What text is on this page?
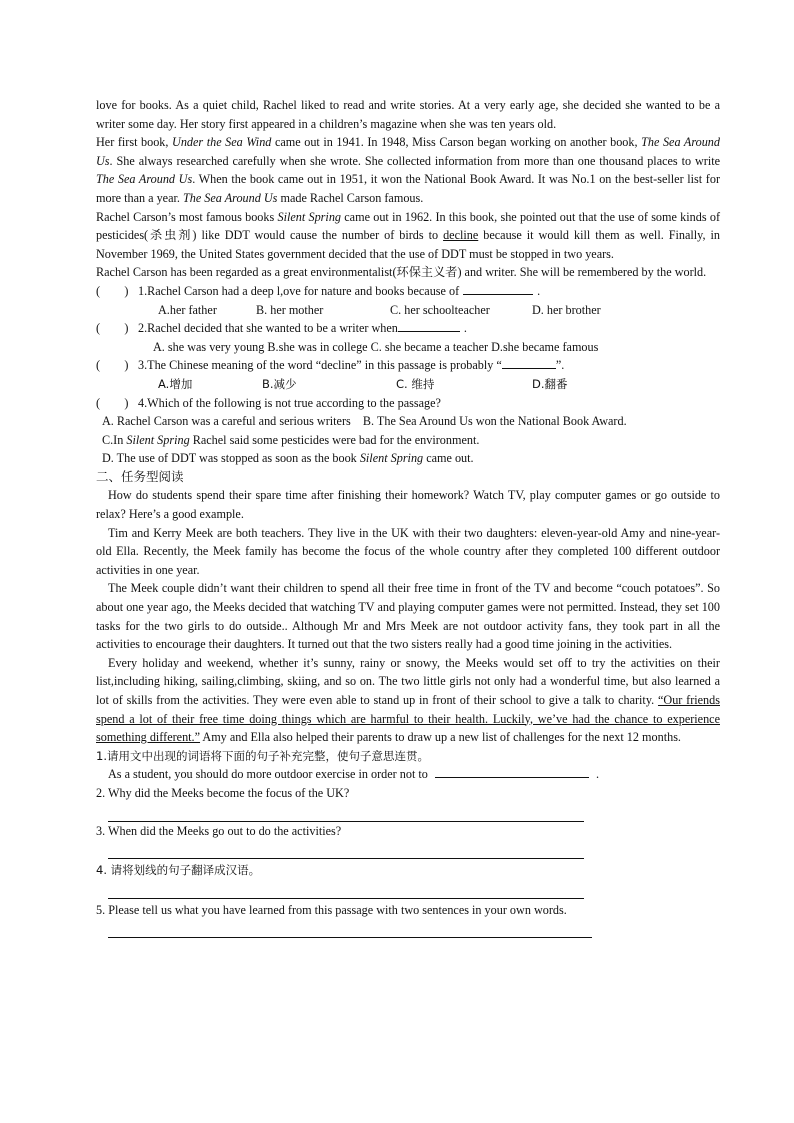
love for books. As a quiet child, Rachel liked to read and write stories. At a very early age, she decided she wanted to be a writer some day. Her story first appeared in a children’s magazine when she was ten years old.

Her first book, Under the Sea Wind came out in 1941. In 1948, Miss Carson began working on another book, The Sea Around Us. She always researched carefully when she wrote. She collected information from more than one thousand places to write The Sea Around Us. When the book came out in 1951, it won the National Book Award. It was No.1 on the best-seller list for more than a year. The Sea Around Us made Rachel Carson famous.

Rachel Carson’s most famous books Silent Spring came out in 1962. In this book, she pointed out that the use of some kinds of pesticides(杀虫剂) like DDT would cause the number of birds to decline because it would kill them as well. Finally, in November 1969, the United States government decided that the use of DDT must be stopped in two years.

Rachel Carson has been regarded as a great environmentalist(环保主义者) and writer. She will be remembered by the world.

(        ) 1.Rachel Carson had a deep l,ove for nature and books because of	.
A.her father	B. her mother	C. her schoolteacher	D. her brother
(        ) 2.Rachel decided that she wanted to be a writer when	.
A. she was very young B.she was in college C. she became a teacher D.she became famous
(        ) 3.The Chinese meaning of the word “decline” in this passage is probably “	”.
A.增加	B.减少	C. 维持	D.翻番
(        ) 4.Which of the following is not true according to the passage?

A. Rachel Carson was a careful and serious writers    B. The Sea Around Us won the National Book Award.

C.In Silent Spring Rachel said some pesticides were bad for the environment.

D. The use of DDT was stopped as soon as the book Silent Spring came out.

二、任务型阅读

How do students spend their spare time after finishing their homework? Watch TV, play computer games or go outside to relax? Here’s a good example.

Tim and Kerry Meek are both teachers. They live in the UK with their two daughters: eleven-year-old Amy and nine-year-old Ella. Recently, the Meek family has become the focus of the whole country after they completed 100 different outdoor activities in one year.

The Meek couple didn’t want their children to spend all their free time in front of the TV and become “couch potatoes”. So about one year ago, the Meeks decided that watching TV and playing computer games were not permitted. Instead, they set 100 tasks for the two girls to do outside.. Although Mr and Mrs Meek are not outdoor activity fans, they took part in all the activities to encourage their daughters. It turned out that the two sisters really had a good time joining in the activities.

Every holiday and weekend, whether it’s sunny, rainy or snowy, the Meeks would set off to try the activities on their list,including hiking, sailing,climbing, skiing, and so on. The two little girls not only had a wonderful time, but also learned a lot of skills from the activities. They were even able to stand up in front of their school to give a talk to charity. “Our friends spend a lot of their free time doing things which are harmful to their health. Luckily, we’ve had the chance to experience something different.” Amy and Ella also helped their parents to draw up a new list of challenges for the next 12 months.

1.请用文中出现的词语将下面的句子补充完整，使句子意思连贯。
As a student, you should do more outdoor exercise in order not to	.
2. Why did the Meeks become the focus of the UK?
3. When did the Meeks go out to do the activities?
4. 请将划线的句子翻译成汉语。
5. Please tell us what you have learned from this passage with two sentences in your own words.
